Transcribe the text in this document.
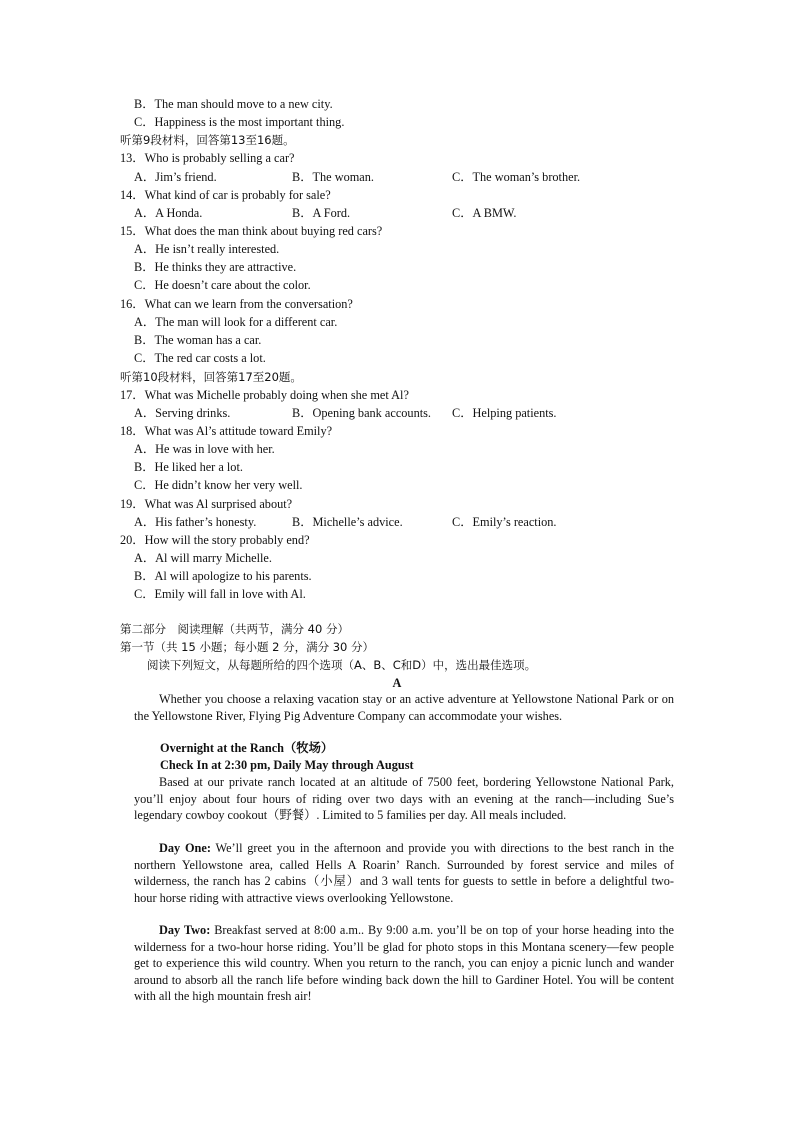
B．The man should move to a new city.
C．Happiness is the most important thing.
听第9段材料，回答第13至16题。
13．Who is probably selling a car?
A．Jim’s friend.	B．The woman.	C．The woman’s brother.
14．What kind of car is probably for sale?
A．A Honda.	B．A Ford.	C．A BMW.
15．What does the man think about buying red cars?
A．He isn’t really interested.
B．He thinks they are attractive.
C．He doesn’t care about the color.
16．What can we learn from the conversation?
A．The man will look for a different car.
B．The woman has a car.
C．The red car costs a lot.
听第10段材料，回答第17至20题。
17．What was Michelle probably doing when she met Al?
A．Serving drinks.	B．Opening bank accounts. C．Helping patients.
18．What was Al’s attitude toward Emily?
A．He was in love with her.
B．He liked her a lot.
C．He didn’t know her very well.
19．What was Al surprised about?
A．His father’s honesty.	B．Michelle’s advice.	C．Emily’s reaction.
20．How will the story probably end?
A．Al will marry Michelle.
B．Al will apologize to his parents.
C．Emily will fall in love with Al.
第二部分　阅读理解（共两节，满分 40 分）
第一节（共 15 小题；每小题 2 分，满分 30 分）
阅读下列短文，从每题所给的四个选项（A、B、C和D）中，选出最佳选项。
A
Whether you choose a relaxing vacation stay or an active adventure at Yellowstone National Park or on the Yellowstone River, Flying Pig Adventure Company can accommodate your wishes.
Overnight at the Ranch（牧场）
Check In at 2:30 pm, Daily May through August
Based at our private ranch located at an altitude of 7500 feet, bordering Yellowstone National Park, you’ll enjoy about four hours of riding over two days with an evening at the ranch—including Sue’s legendary cowboy cookout（野餐）. Limited to 5 families per day. All meals included.
Day One: We’ll greet you in the afternoon and provide you with directions to the best ranch in the northern Yellowstone area, called Hells A Roarin’ Ranch. Surrounded by forest service and miles of wilderness, the ranch has 2 cabins（小屋）and 3 wall tents for guests to settle in before a delightful two-hour horse riding with attractive views overlooking Yellowstone.
Day Two: Breakfast served at 8:00 a.m.. By 9:00 a.m. you’ll be on top of your horse heading into the wilderness for a two-hour horse riding. You’ll be glad for photo stops in this Montana scenery—few people get to experience this wild country. When you return to the ranch, you can enjoy a picnic lunch and wander around to absorb all the ranch life before winding back down the hill to Gardiner Hotel. You will be content with all the high mountain fresh air!
